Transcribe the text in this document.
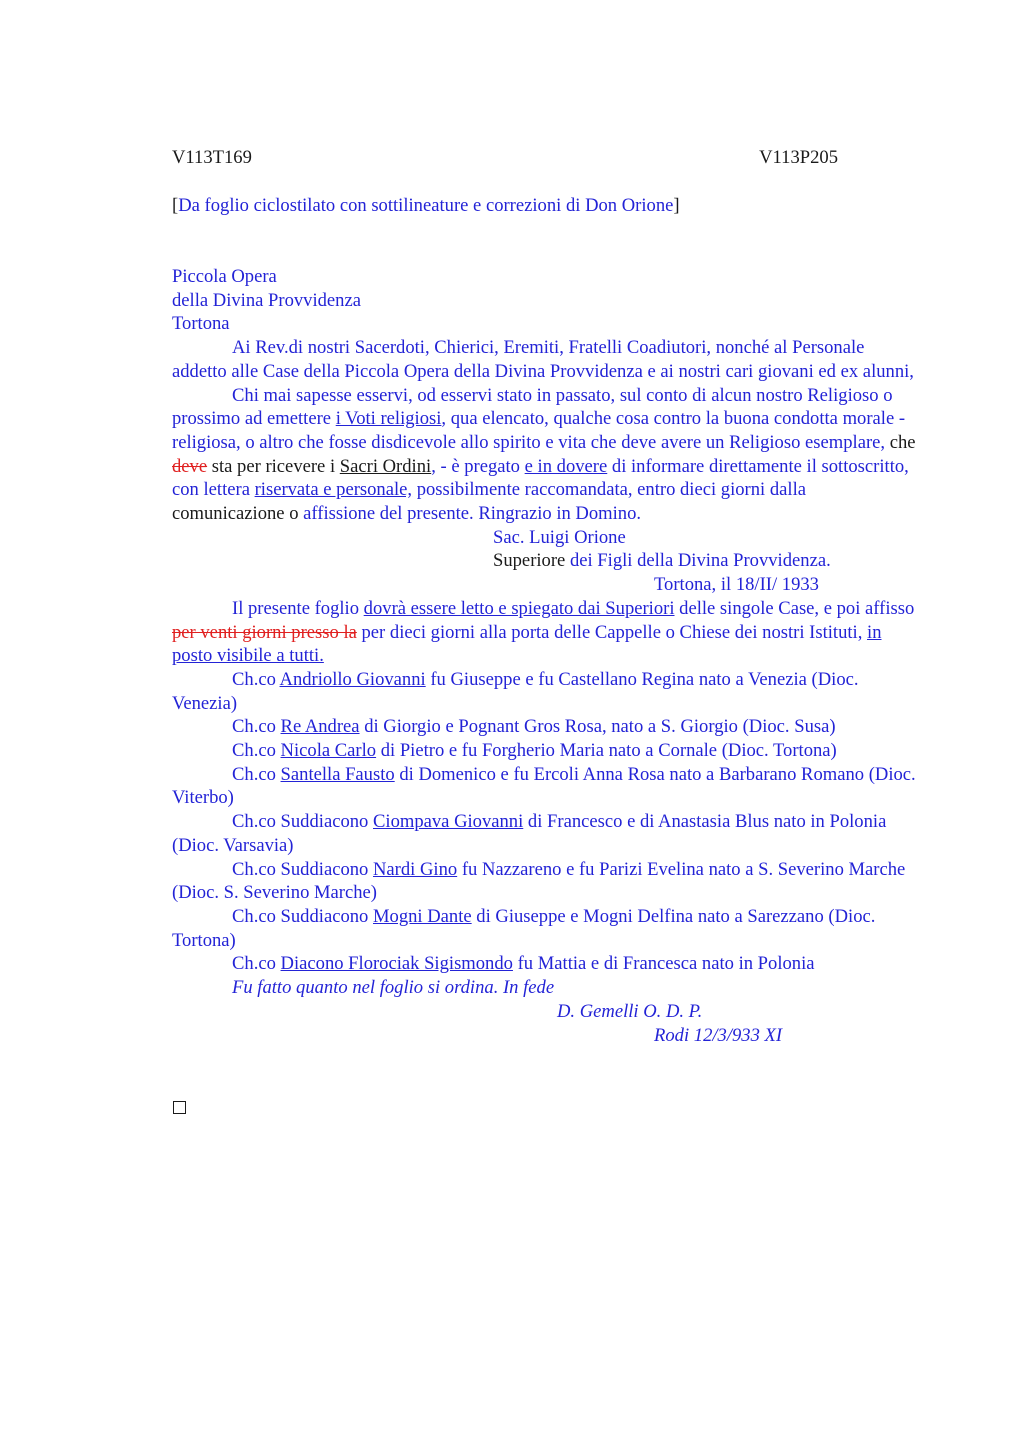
V113T169	V113P205
[Da foglio ciclostilato con sottilineature e correzioni di Don Orione]

Piccola Opera

della Divina Provvidenza

Tortona

Ai Rev.di nostri Sacerdoti, Chierici, Eremiti, Fratelli Coadiutori, nonché al Personale addetto alle Case della Piccola Opera della Divina Provvidenza e ai nostri cari giovani ed ex alunni,

Chi mai sapesse esservi, od esservi stato in passato, sul conto di alcun nostro Religioso o prossimo ad emettere i Voti religiosi, qua elencato, qualche cosa contro la buona condotta morale - religiosa, o altro che fosse disdicevole allo spirito e vita che deve avere un Religioso esemplare, che deve sta per ricevere i Sacri Ordini, - è pregato e in dovere di informare direttamente il sottoscritto, con lettera riservata e personale, possibilmente raccomandata, entro dieci giorni dalla comunicazione o affissione del presente. Ringrazio in Domino.

Sac. Luigi Orione

Superiore dei Figli della Divina Provvidenza.

Tortona, il 18/II/ 1933

Il presente foglio dovrà essere letto e spiegato dai Superiori delle singole Case, e poi affisso per venti giorni presso la per dieci giorni alla porta delle Cappelle o Chiese dei nostri Istituti, in posto visibile a tutti.

Ch.co Andriollo Giovanni fu Giuseppe e fu Castellano Regina nato a Venezia (Dioc. Venezia)

Ch.co Re Andrea di Giorgio e Pognant Gros Rosa, nato a S. Giorgio (Dioc. Susa)

Ch.co Nicola Carlo di Pietro e fu Forgherio Maria nato a Cornale (Dioc. Tortona)

Ch.co Santella Fausto di Domenico e fu Ercoli Anna Rosa nato a Barbarano Romano (Dioc. Viterbo)

Ch.co Suddiacono Ciompava Giovanni di Francesco e di Anastasia Blus nato in Polonia (Dioc. Varsavia)

Ch.co Suddiacono Nardi Gino fu Nazzareno e fu Parizi Evelina nato a S. Severino Marche (Dioc. S. Severino Marche)

Ch.co Suddiacono Mogni Dante di Giuseppe e Mogni Delfina nato a Sarezzano (Dioc. Tortona)

Ch.co Diacono Florociak Sigismondo fu Mattia e di Francesca nato in Polonia

Fu fatto quanto nel foglio si ordina. In fede

D. Gemelli O. D. P.

Rodi 12/3/933 XI
